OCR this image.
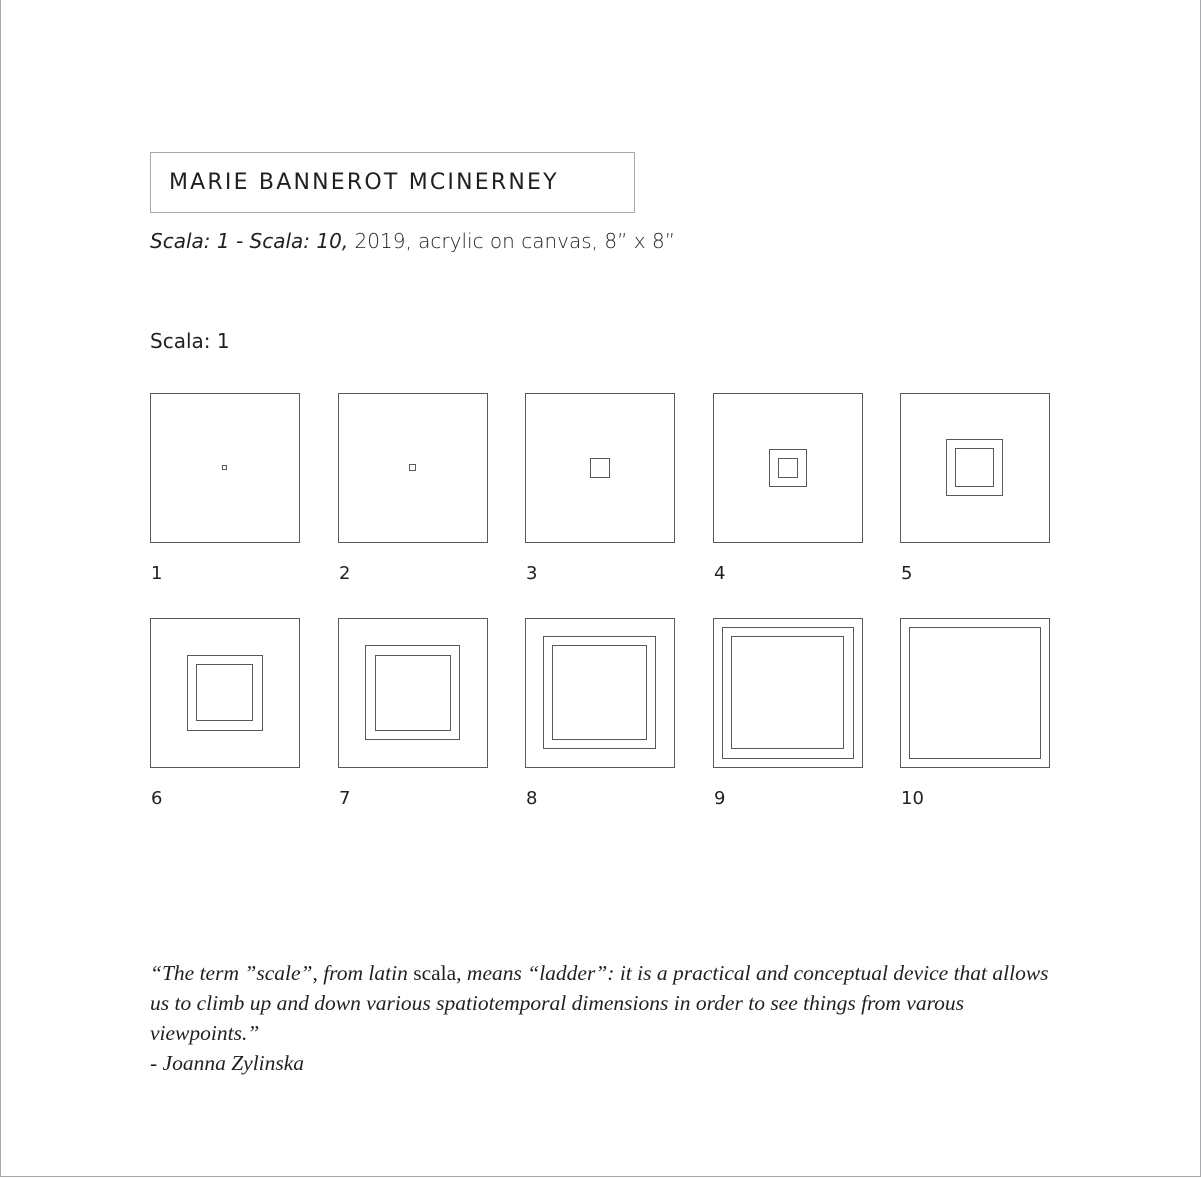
MARIE BANNEROT MCINERNEY
Scala: 1 - Scala: 10, 2019, acrylic on canvas, 8” x 8”
Scala: 1
1	2	3	4	5
6	7	8	9	10
“The term ”scale”, from latin scala, means “ladder”: it is a practical and conceptual device that allows us to climb up and down various spatiotemporal dimensions in order to see things from varous viewpoints.”
- Joanna Zylinska
